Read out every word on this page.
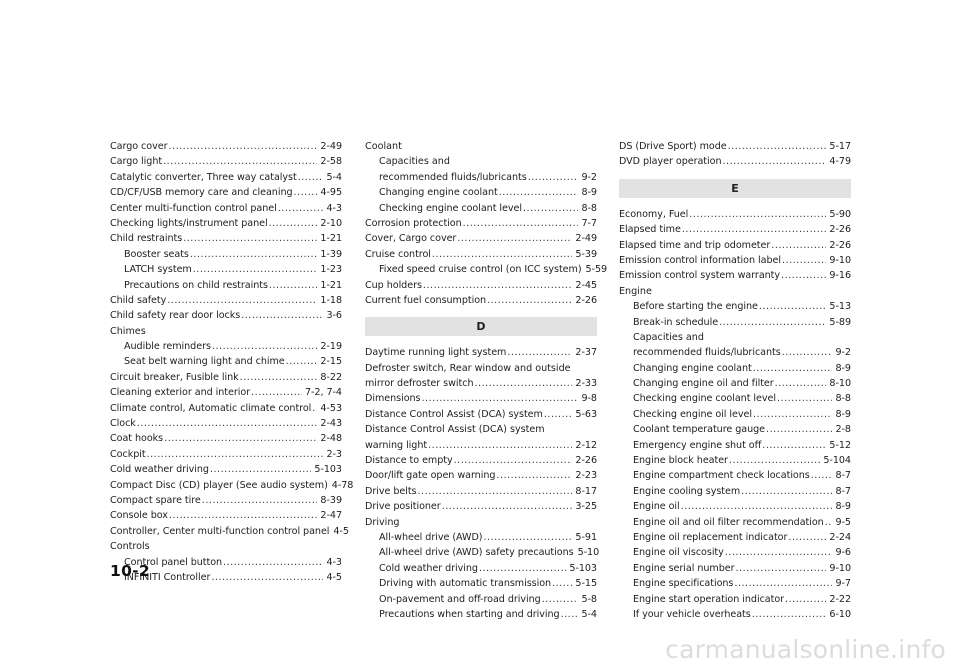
Cargo cover .....	2-49
Cargo light .....	2-58
Catalytic converter, Three way catalyst .....	5-4
CD/CF/USB memory care and cleaning .....	4-95
Center multi-function control panel .....	4-3
Checking lights/instrument panel .....	2-10
Child restraints .....	1-21
Booster seats .....	1-39
LATCH system .....	1-23
Precautions on child restraints .....	1-21
Child safety .....	1-18
Child safety rear door locks .....	3-6
Chimes
Audible reminders .....	2-19
Seat belt warning light and chime .....	2-15
Circuit breaker, Fusible link .....	8-22
Cleaning exterior and interior .....	7-2, 7-4
Climate control, Automatic climate control ..... 4-53
Clock .....	2-43
Coat hooks .....	2-48
Cockpit .....	2-3
Cold weather driving .....	5-103
Compact Disc (CD) player (See audio system) 4-78
Compact spare tire .....	8-39
Console box .....	2-47
Controller, Center multi-function control panel 4-5
Controls
Control panel button .....	4-3
INFINITI Controller .....	4-5
Coolant
Capacities and
recommended fluids/lubricants .....	9-2
Changing engine coolant .....	8-9
Checking engine coolant level .....	8-8
Corrosion protection .....	7-7
Cover, Cargo cover .....	2-49
Cruise control .....	5-39
Fixed speed cruise control (on ICC system) 5-59
Cup holders .....	2-45
Current fuel consumption .....	2-26
D
Daytime running light system .....	2-37
Defroster switch, Rear window and outside
mirror defroster switch .....	2-33
Dimensions .....	9-8
Distance Control Assist (DCA) system .....	5-63
Distance Control Assist (DCA) system
warning light .....	2-12
Distance to empty .....	2-26
Door/lift gate open warning .....	2-23
Drive belts .....	8-17
Drive positioner .....	3-25
Driving
All-wheel drive (AWD) .....	5-91
All-wheel drive (AWD) safety precautions 5-10
Cold weather driving .....	5-103
Driving with automatic transmission .....	5-15
On-pavement and off-road driving .....	5-8
Precautions when starting and driving ..... 5-4
DS (Drive Sport) mode .....	5-17
DVD player operation .....	4-79
E
Economy, Fuel .....	5-90
Elapsed time .....	2-26
Elapsed time and trip odometer .....	2-26
Emission control information label .....	9-10
Emission control system warranty .....	9-16
Engine
Before starting the engine .....	5-13
Break-in schedule .....	5-89
Capacities and
recommended fluids/lubricants .....	9-2
Changing engine coolant .....	8-9
Changing engine oil and filter .....	8-10
Checking engine coolant level .....	8-8
Checking engine oil level .....	8-9
Coolant temperature gauge .....	2-8
Emergency engine shut off .....	5-12
Engine block heater .....	5-104
Engine compartment check locations .....	8-7
Engine cooling system .....	8-7
Engine oil .....	8-9
Engine oil and oil filter recommendation ..... 9-5
Engine oil replacement indicator .....	2-24
Engine oil viscosity .....	9-6
Engine serial number .....	9-10
Engine specifications .....	9-7
Engine start operation indicator .....	2-22
If your vehicle overheats .....	6-10
10-2
carmanualsonline.info
